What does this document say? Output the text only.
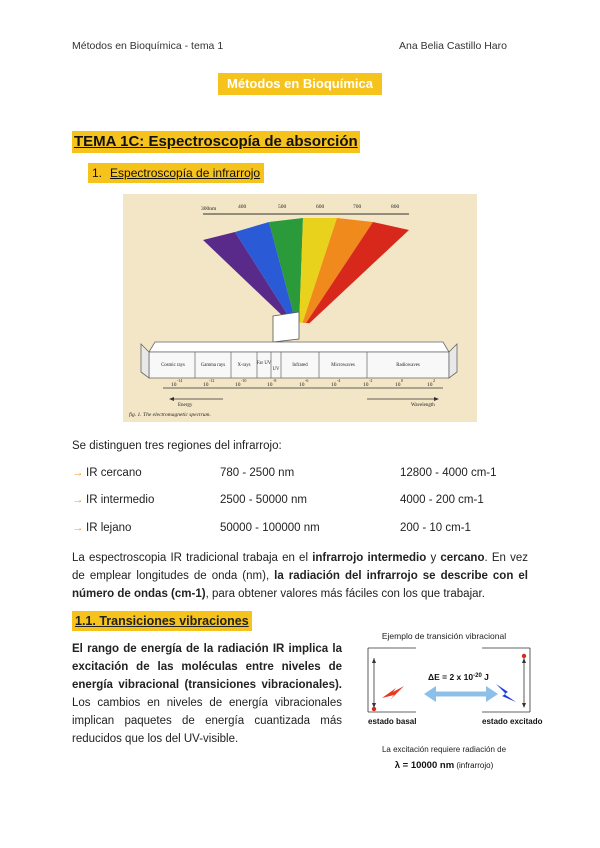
Métodos en Bioquímica - tema 1	Ana Belia Castillo Haro
Métodos en Bioquímica
TEMA 1C: Espectroscopía de absorción
1. Espectroscopía de infrarrojo
300nm	400	500	600	700	800
Cosmic rays	Gamma rays	X-rays Far UV
UV
Infrared	Microwaves	Radiowaves
10
-14
10
-12
10
-10
10
-8
10
-6
10
-4
10
-2
10
0
10
2
Energy	Wavelength
fig. 1. The electromagnetic spectrum.
Se distinguen tres regiones del infrarrojo:
→ IR cercano	780 - 2500 nm	12800 - 4000 cm-1
→ IR intermedio	2500 - 50000 nm	4000 - 200 cm-1
→ IR lejano	50000 - 100000 nm	200 - 10 cm-1
La espectroscopia IR tradicional trabaja en el infrarrojo intermedio y cercano. En vez de emplear longitudes de onda (nm), la radiación del infrarrojo se describe con el número de ondas (cm-1), para obtener valores más fáciles con los que trabajar.
1.1. Transiciones vibraciones
El rango de energía de la radiación IR implica la excitación de las moléculas entre niveles de energía vibracional (transiciones vibracionales). Los cambios en niveles de energía vibracionales implican paquetes de energía cuantizada más reducidos que los del UV-visible.
Ejemplo de transición vibracional
estado basal
ΔE = 2 x $10^{-20}$ J
estado excitado
La excitación requiere radiación de
λ = 10000 nm (infrarrojo)
